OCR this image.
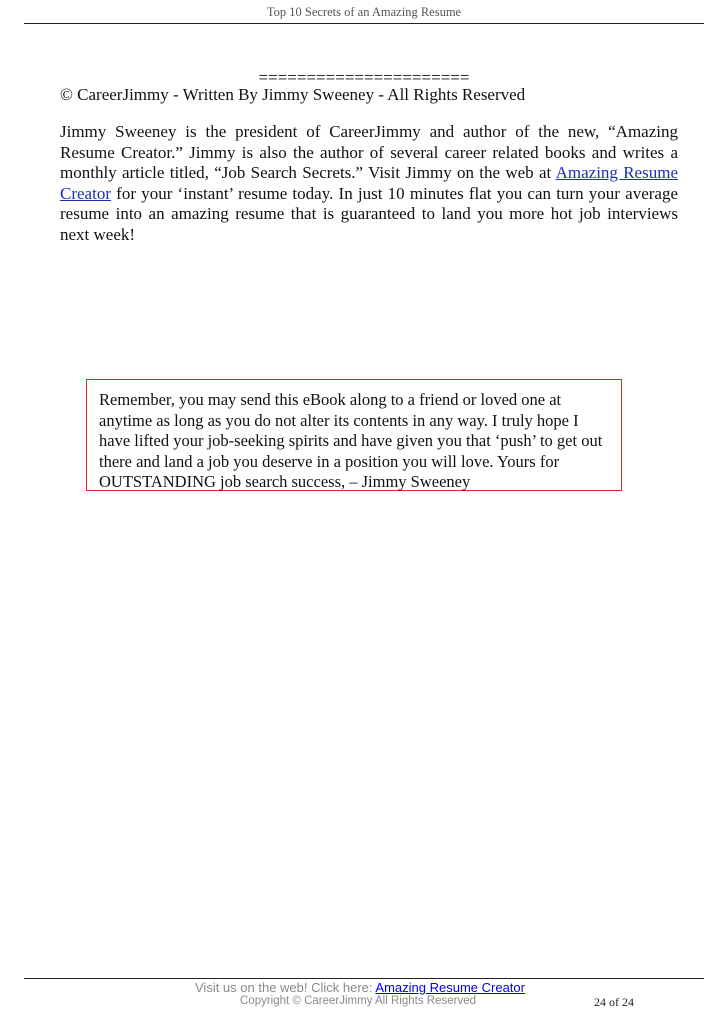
Top 10 Secrets of an Amazing Resume
======================
© CareerJimmy - Written By Jimmy Sweeney - All Rights Reserved

Jimmy Sweeney is the president of CareerJimmy and author of the new, “Amazing Resume Creator.” Jimmy is also the author of several career related books and writes a monthly article titled, “Job Search Secrets.” Visit Jimmy on the web at Amazing Resume Creator for your ‘instant’ resume today. In just 10 minutes flat you can turn your average resume into an amazing resume that is guaranteed to land you more hot job interviews next week!

Remember, you may send this eBook along to a friend or loved one at anytime as long as you do not alter its contents in any way. I truly hope I have lifted your job-seeking spirits and have given you that ‘push’ to get out there and land a job you deserve in a position you will love. Yours for OUTSTANDING job search success, – Jimmy Sweeney

Visit us on the web! Click here: Amazing Resume Creator
Copyright © CareerJimmy All Rights Reserved	24 of 24
